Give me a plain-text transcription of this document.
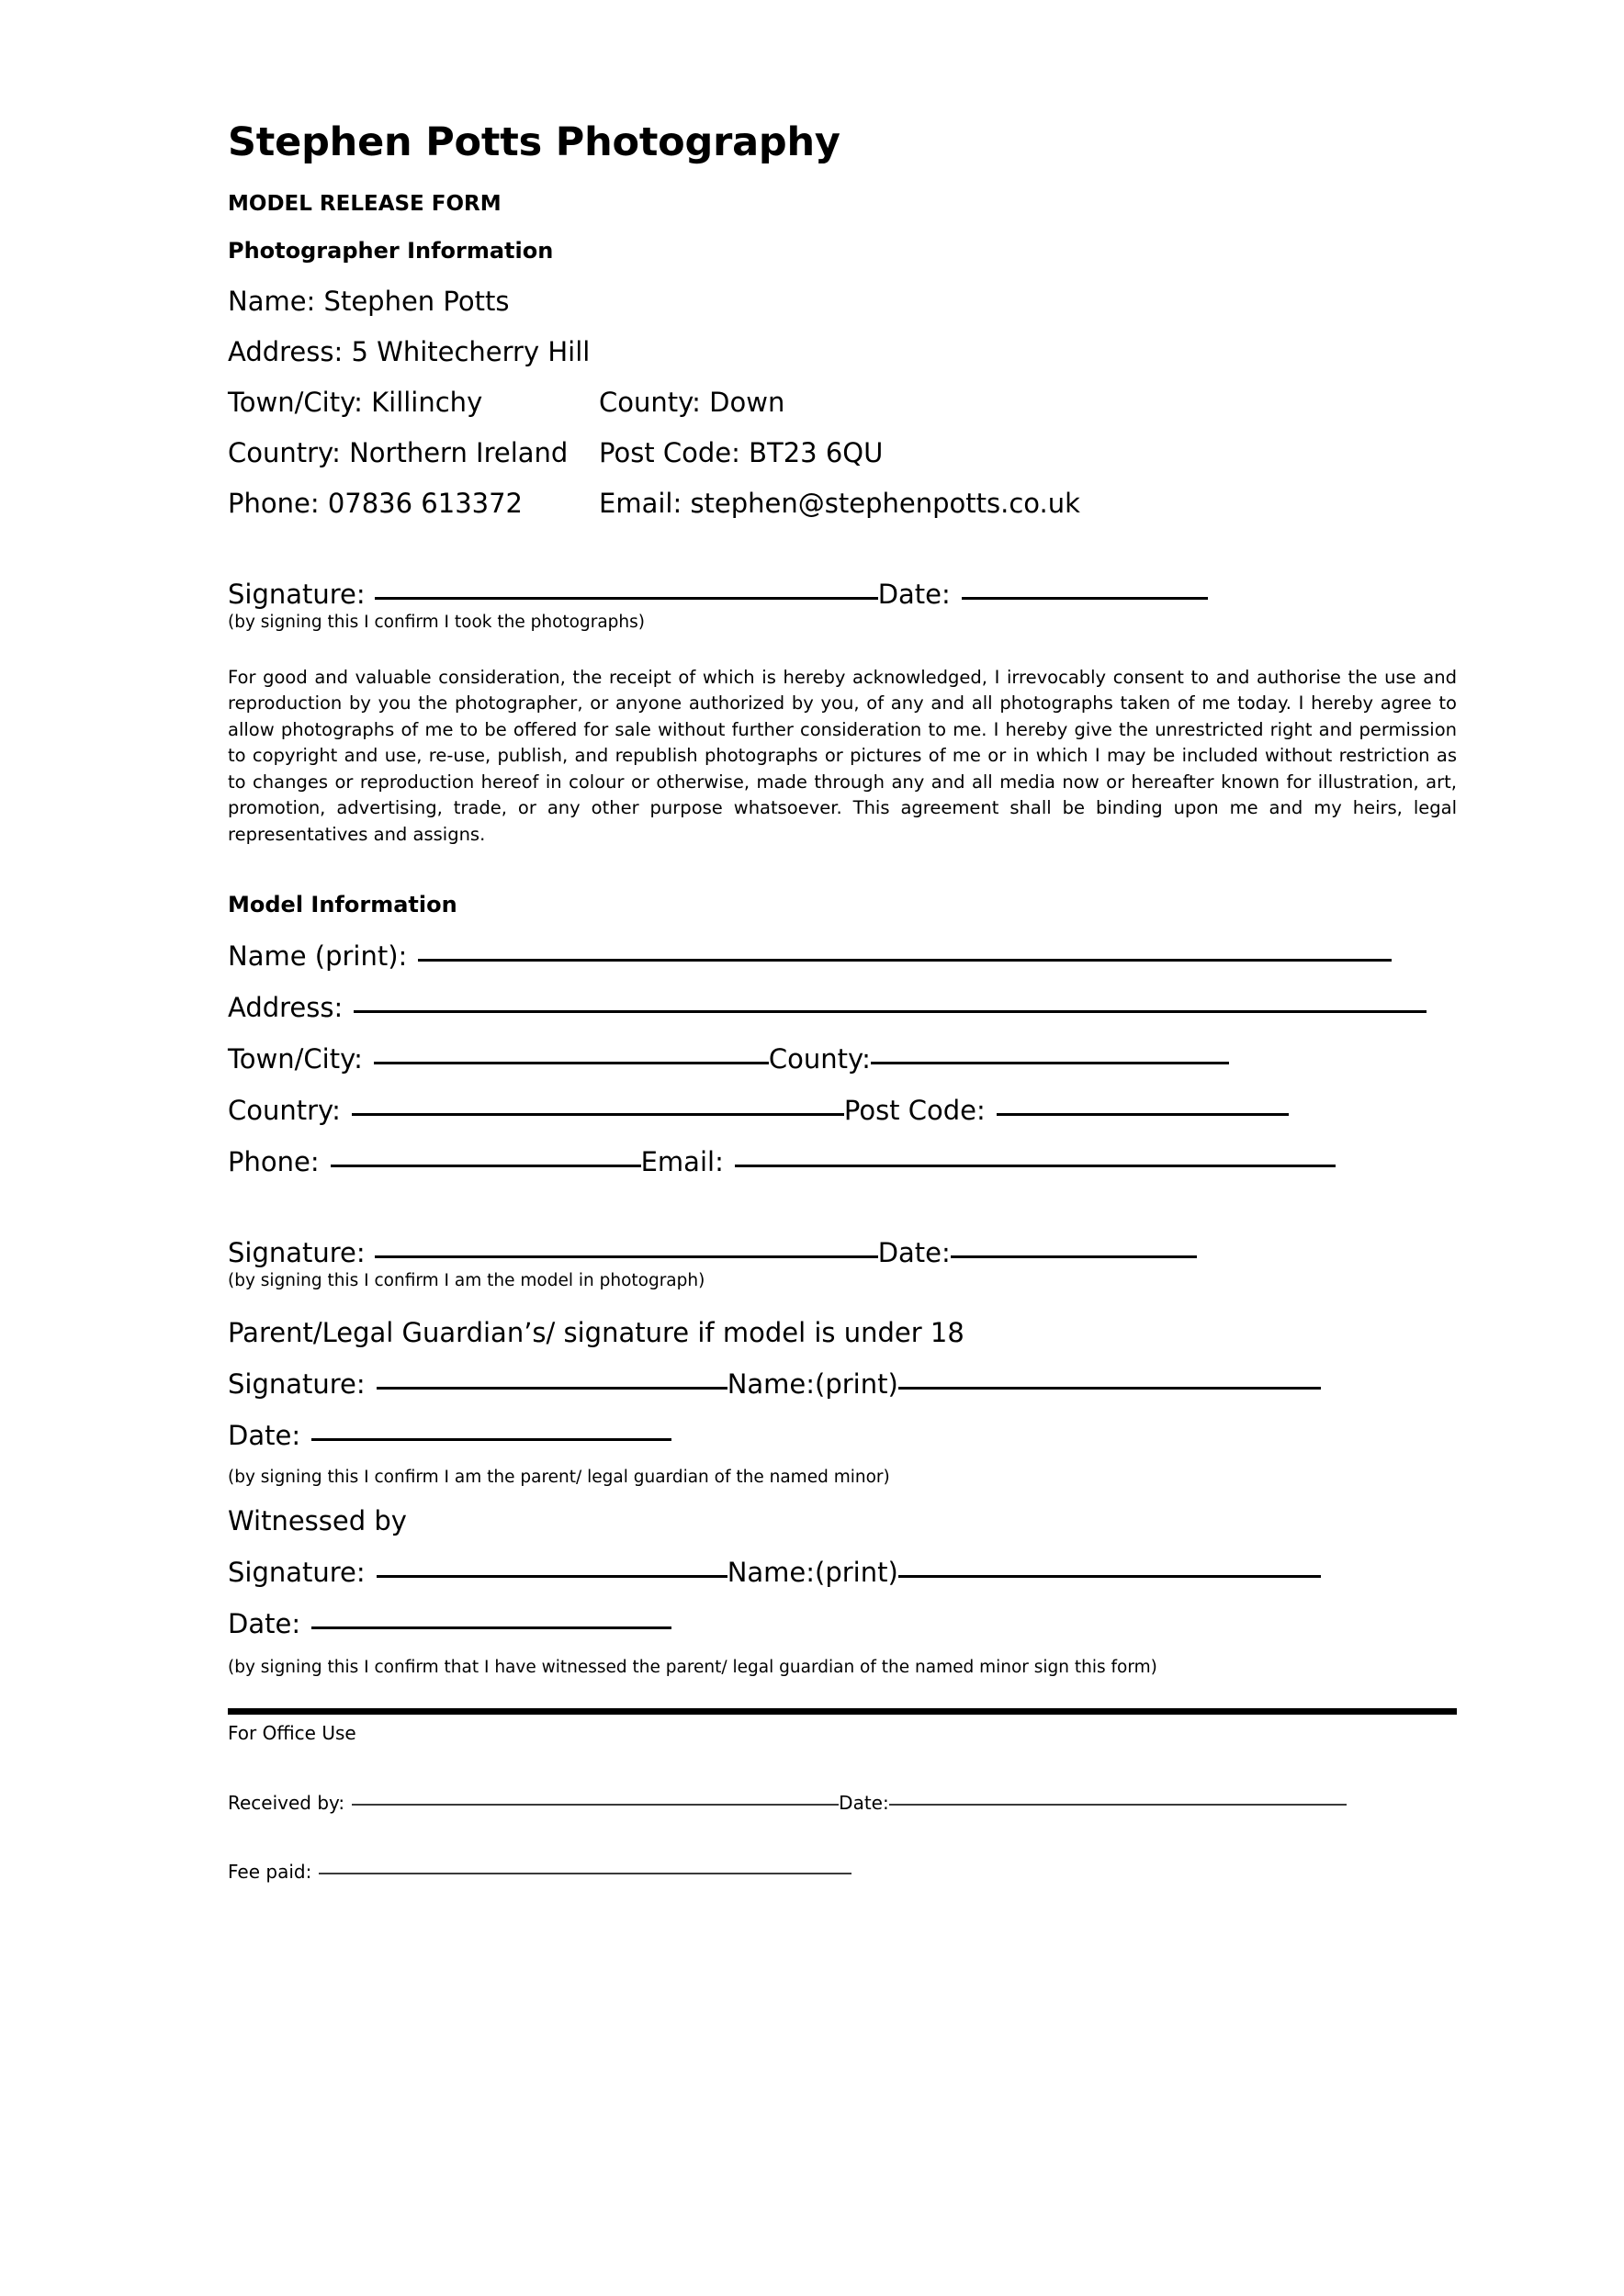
Stephen Potts Photography
MODEL RELEASE FORM
Photographer Information
Name: Stephen Potts
Address: 5 Whitecherry Hill
Town/City: Killinchy	County: Down
Country: Northern Ireland	Post Code: BT23 6QU
Phone: 07836 613372	Email: stephen@stephenpotts.co.uk
Signature:	Date:
(by signing this I confirm I took the photographs)
For good and valuable consideration, the receipt of which is hereby acknowledged, I irrevocably consent to and authorise the use and reproduction by you the photographer, or anyone authorized by you, of any and all photographs taken of me today. I hereby agree to allow photographs of me to be offered for sale without further consideration to me. I hereby give the unrestricted right and permission to copyright and use, re-use, publish, and republish photographs or pictures of me or in which I may be included without restriction as to changes or reproduction hereof in colour or otherwise, made through any and all media now or hereafter known for illustration, art, promotion, advertising, trade, or any other purpose whatsoever. This agreement shall be binding upon me and my heirs, legal representatives and assigns.
Model Information
Name (print):
Address:
Town/City:	County:
Country:	Post Code:
Phone:	Email:
Signature:	Date:
(by signing this I confirm I am the model in photograph)
Parent/Legal Guardian’s/ signature if model is under 18
Signature:	Name:(print)
Date:
(by signing this I confirm I am the parent/ legal guardian of the named minor)
Witnessed by
Signature:	Name:(print)
Date:
(by signing this I confirm that I have witnessed the parent/ legal guardian of the named minor sign this form)
For Office Use
Received by:	Date:
Fee paid:
